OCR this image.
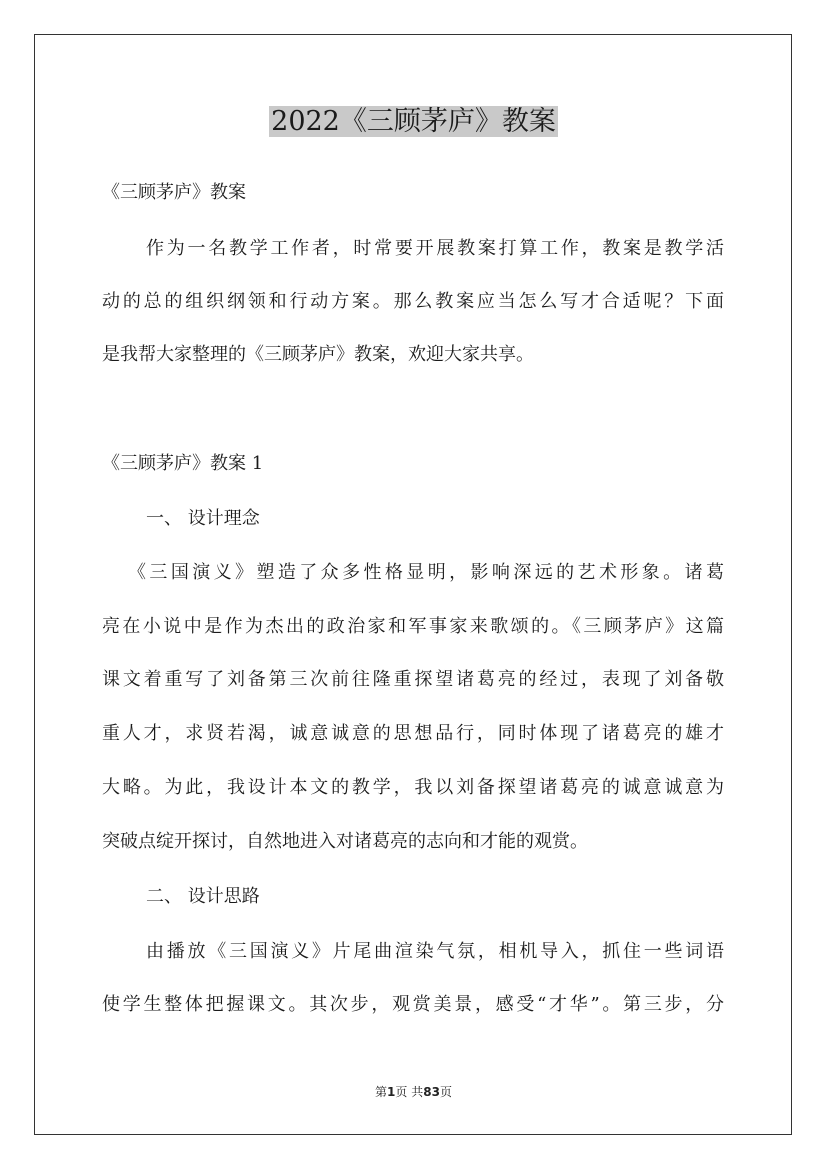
2022《三顾茅庐》教案
《三顾茅庐》教案
作为一名教学工作者，时常要开展教案打算工作，教案是教学活
动的总的组织纲领和行动方案。那么教案应当怎么写才合适呢？下面
是我帮大家整理的《三顾茅庐》教案，欢迎大家共享。
《三顾茅庐》教案 1
一、 设计理念
《三国演义》塑造了众多性格显明，影响深远的艺术形象。诸葛
亮在小说中是作为杰出的政治家和军事家来歌颂的。《三顾茅庐》这篇
课文着重写了刘备第三次前往隆重探望诸葛亮的经过，表现了刘备敬
重人才，求贤若渴，诚意诚意的思想品行，同时体现了诸葛亮的雄才
大略。为此，我设计本文的教学，我以刘备探望诸葛亮的诚意诚意为
突破点绽开探讨，自然地进入对诸葛亮的志向和才能的观赏。
二、 设计思路
由播放《三国演义》片尾曲渲染气氛，相机导入，抓住一些词语
使学生整体把握课文。其次步，观赏美景，感受“才华”。第三步，分
第1页 共83页
